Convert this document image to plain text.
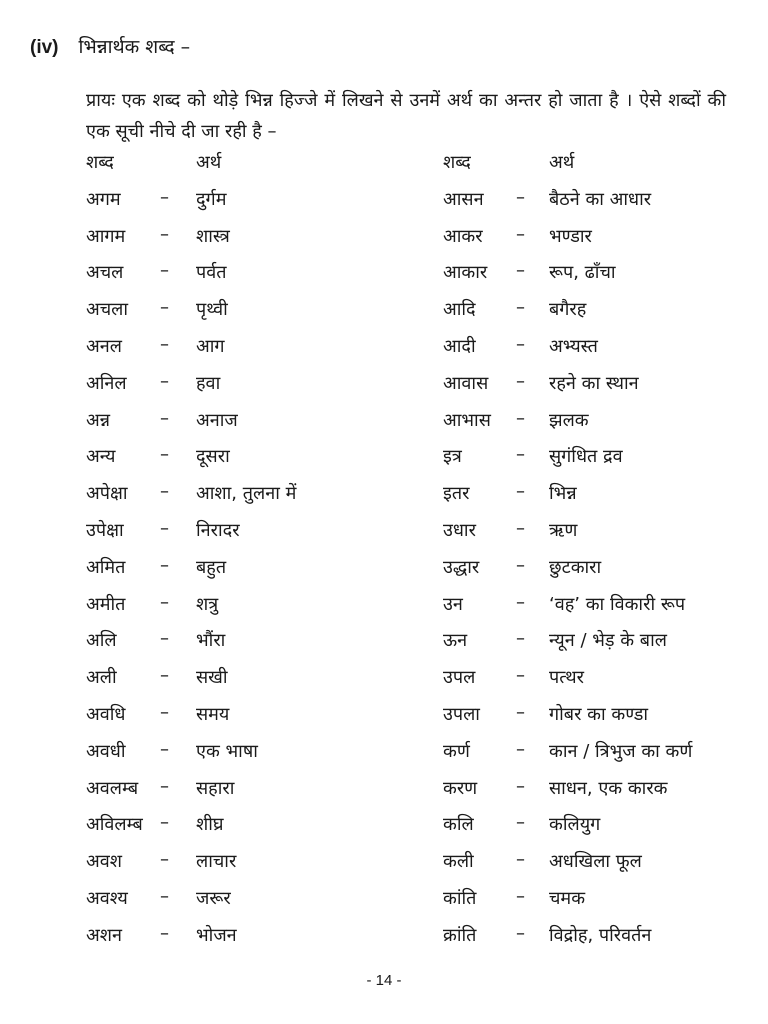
(iv) भिन्नार्थक शब्द –
प्रायः एक शब्द को थोड़े भिन्न हिज्जे में लिखने से उनमें अर्थ का अन्तर हो जाता है । ऐसे शब्दों की एक सूची नीचे दी जा रही है –
शब्द	अर्थ
अगम – दुर्गम
आगम – शास्त्र
अचल – पर्वत
अचला – पृथ्वी
अनल – आग
अनिल – हवा
अन्न	– अनाज
अन्य – दूसरा
अपेक्षा – आशा, तुलना में
उपेक्षा – निरादर
अमित – बहुत
अमीत – शत्रु
अलि – भौंरा
अली – सखी
अवधि – समय
अवधी – एक भाषा
अवलम्ब – सहारा
अविलम्ब – शीघ्र
अवश – लाचार
अवश्य – जरूर
अशन – भोजन
शब्द	अर्थ
आसन – बैठने का आधार
आकर – भण्डार
आकार – रूप, ढाँचा
आदि – बगैरह
आदी – अभ्यस्त
आवास – रहने का स्थान
आभास – झलक
इत्र	– सुगंधित द्रव
इतर	– भिन्न
उधार – ऋण
उद्धार – छुटकारा
उन	– ‘वह’ का विकारी रूप
ऊन	– न्यून / भेड़ के बाल
उपल – पत्थर
उपला – गोबर का कण्डा
कर्ण	– कान / त्रिभुज का कर्ण
करण – साधन, एक कारक
कलि – कलियुग
कली – अधखिला फूल
कांति – चमक
क्रांति – विद्रोह, परिवर्तन
- 14 -
